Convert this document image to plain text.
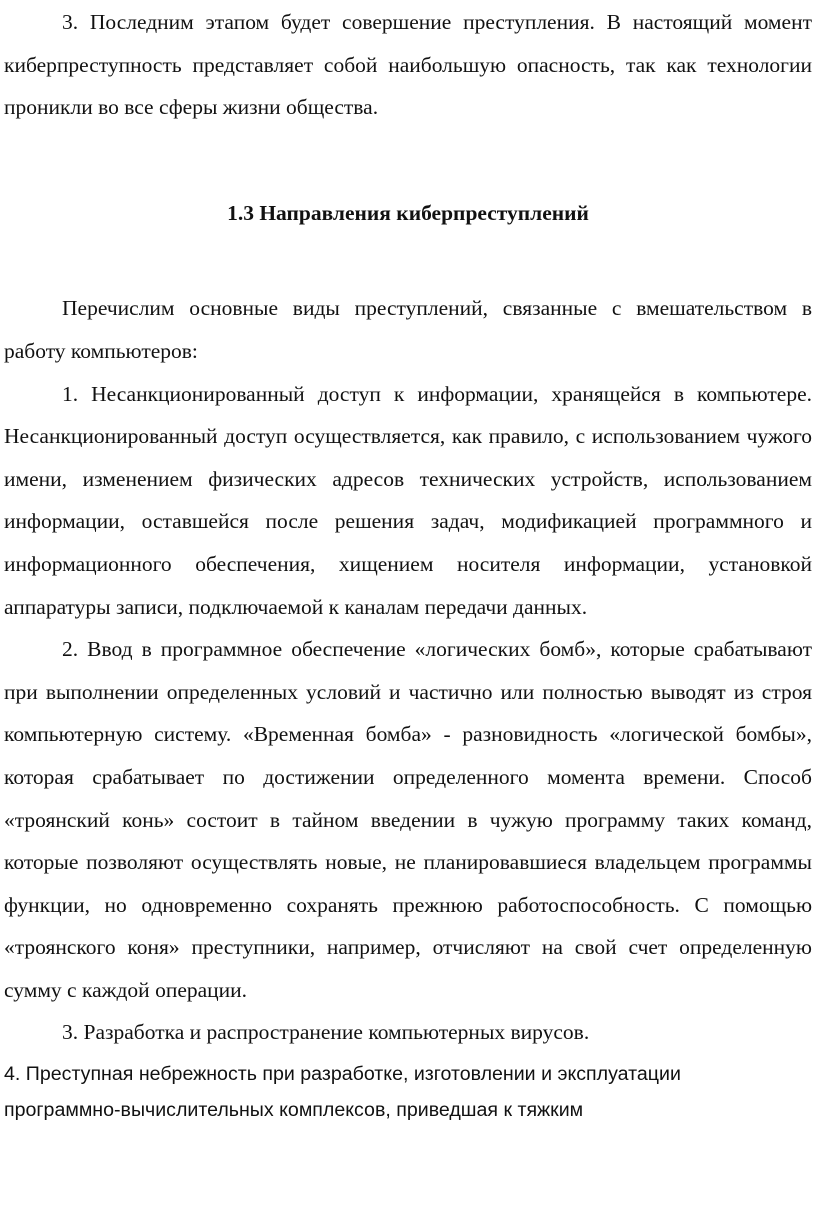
3. Последним этапом будет совершение преступления. В настоящий момент киберпреступность представляет собой наибольшую опасность, так как технологии проникли во все сферы жизни общества.

1.3 Направления киберпреступлений

Перечислим основные виды преступлений, связанные с вмешательством в работу компьютеров:

1. Несанкционированный доступ к информации, хранящейся в компьютере. Несанкционированный доступ осуществляется, как правило, с использованием чужого имени, изменением физических адресов технических устройств, использованием информации, оставшейся после решения задач, модификацией программного и информационного обеспечения, хищением носителя информации, установкой аппаратуры записи, подключаемой к каналам передачи данных.

2. Ввод в программное обеспечение «логических бомб», которые срабатывают при выполнении определенных условий и частично или полностью выводят из строя компьютерную систему. «Временная бомба» - разновидность «логической бомбы», которая срабатывает по достижении определенного момента времени. Способ «троянский конь» состоит в тайном введении в чужую программу таких команд, которые позволяют осуществлять новые, не планировавшиеся владельцем программы функции, но одновременно сохранять прежнюю работоспособность. С помощью «троянского коня» преступники, например, отчисляют на свой счет определенную сумму с каждой операции.

3. Разработка и распространение компьютерных вирусов.

4. Преступная небрежность при разработке, изготовлении и эксплуатации

программно-вычислительных комплексов, приведшая к тяжким
